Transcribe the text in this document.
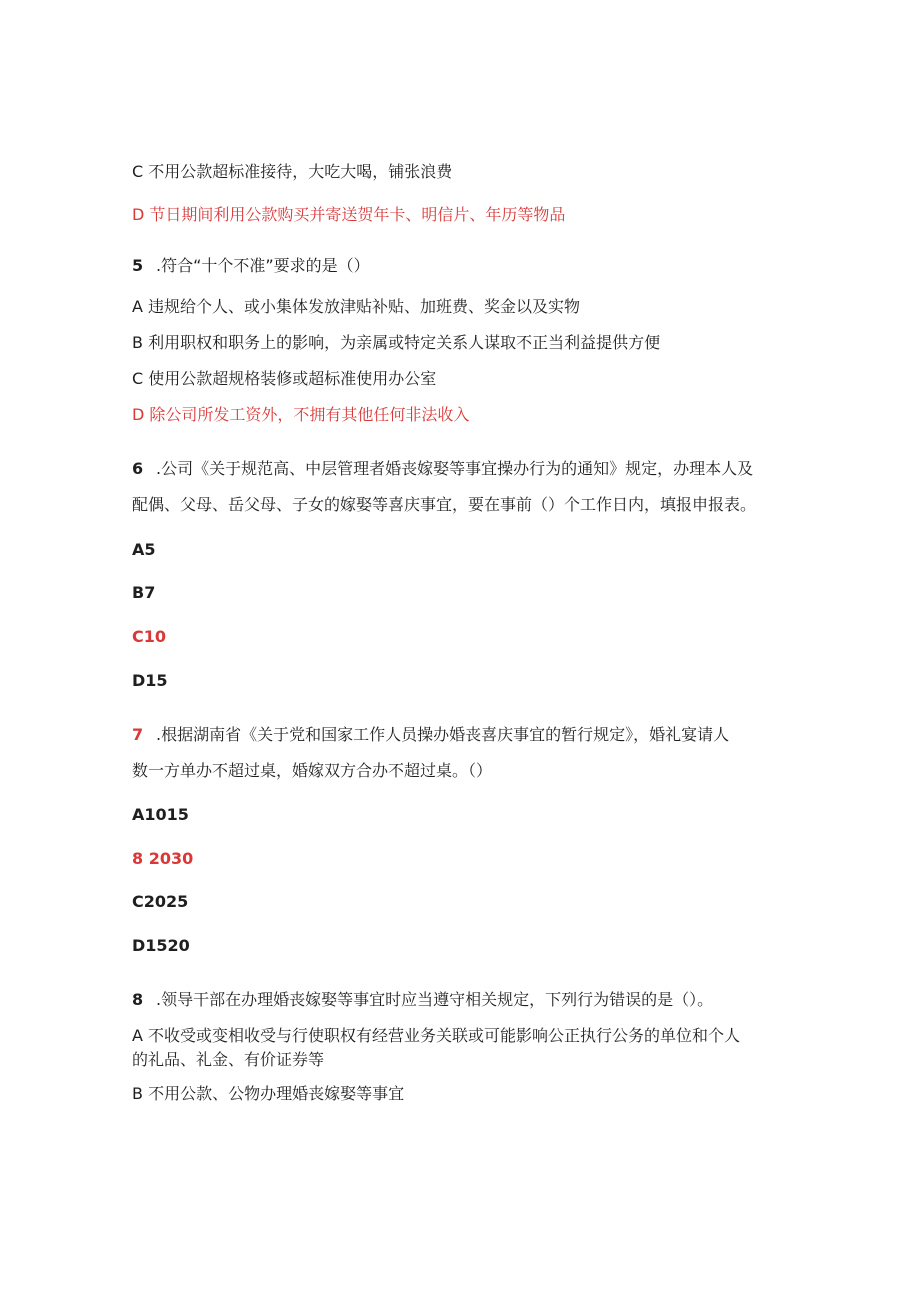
C 不用公款超标准接待，大吃大喝，铺张浪费
D 节日期间利用公款购买并寄送贺年卡、明信片、年历等物品
5 .符合“十个不准”要求的是（）
A 违规给个人、或小集体发放津贴补贴、加班费、奖金以及实物
B 利用职权和职务上的影响，为亲属或特定关系人谋取不正当利益提供方便
C 使用公款超规格装修或超标准使用办公室
D 除公司所发工资外，不拥有其他任何非法收入
6 .公司《关于规范高、中层管理者婚丧嫁娶等事宜操办行为的通知》规定，办理本人及
配偶、父母、岳父母、子女的嫁娶等喜庆事宜，要在事前（）个工作日内，填报申报表。
A5
B7
C10
D15
7 .根据湖南省《关于党和国家工作人员操办婚丧喜庆事宜的暂行规定》，婚礼宴请人
数一方单办不超过桌，婚嫁双方合办不超过桌。（）
A1015
8 2030
C2025
D1520
8 .领导干部在办理婚丧嫁娶等事宜时应当遵守相关规定，下列行为错误的是（）。
A 不收受或变相收受与行使职权有经营业务关联或可能影响公正执行公务的单位和个人
的礼品、礼金、有价证券等
B 不用公款、公物办理婚丧嫁娶等事宜
